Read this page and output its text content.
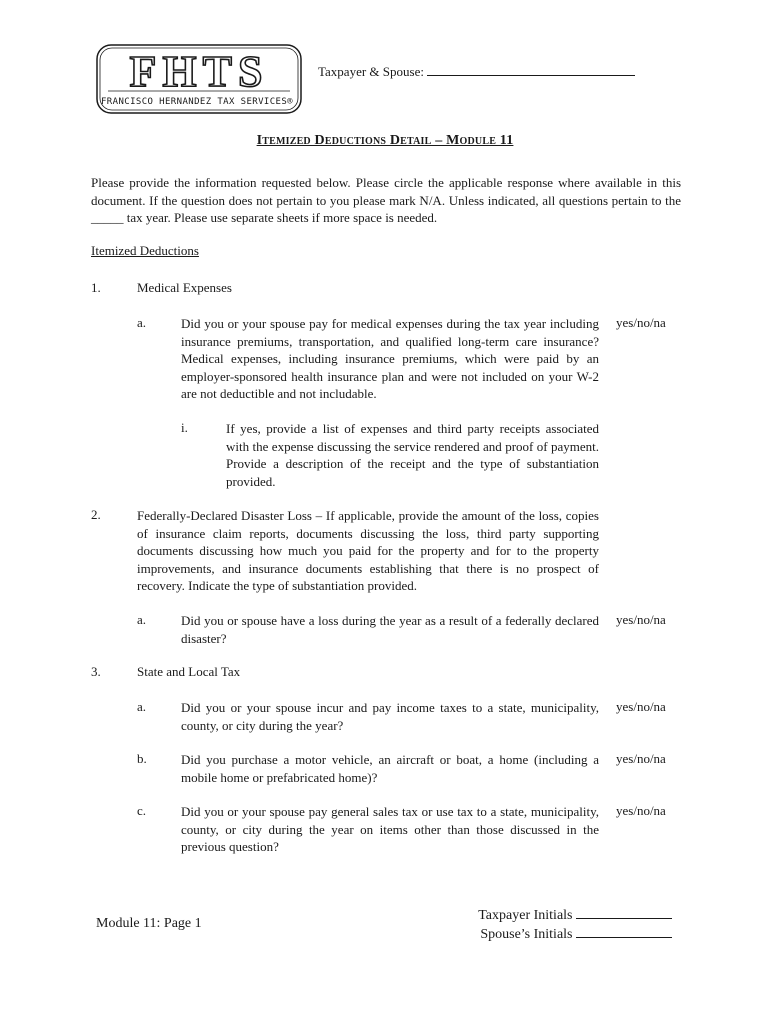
FHTS
FRANCISCO HERNANDEZ TAX SERVICES®
Taxpayer & Spouse:
Itemized Deductions Detail – Module 11
Please provide the information requested below. Please circle the applicable response where available in this document. If the question does not pertain to you please mark N/A. Unless indicated, all questions pertain to the _____ tax year. Please use separate sheets if more space is needed.
Itemized Deductions
1.	Medical Expenses
a.	Did you or your spouse pay for medical expenses during the tax year including insurance premiums, transportation, and qualified long-term care insurance? Medical expenses, including insurance premiums, which were paid by an employer-sponsored health insurance plan and were not included on your W-2 are not deductible and not includable.
yes/no/na
i.	If yes, provide a list of expenses and third party receipts associated with the expense discussing the service rendered and proof of payment. Provide a description of the receipt and the type of substantiation provided.
2.	Federally-Declared Disaster Loss – If applicable, provide the amount of the loss, copies of insurance claim reports, documents discussing the loss, third party supporting documents discussing how much you paid for the property and for to the property improvements, and insurance documents establishing that there is no prospect of recovery. Indicate the type of substantiation provided.
a.	Did you or spouse have a loss during the year as a result of a federally declared disaster?
yes/no/na
3.	State and Local Tax
a.	Did you or your spouse incur and pay income taxes to a state, municipality, county, or city during the year?
yes/no/na
b.	Did you purchase a motor vehicle, an aircraft or boat, a home (including a mobile home or prefabricated home)?
yes/no/na
c.	Did you or your spouse pay general sales tax or use tax to a state, municipality, county, or city during the year on items other than those discussed in the previous question?
yes/no/na
Module 11: Page 1
Taxpayer Initials
Spouse’s Initials
